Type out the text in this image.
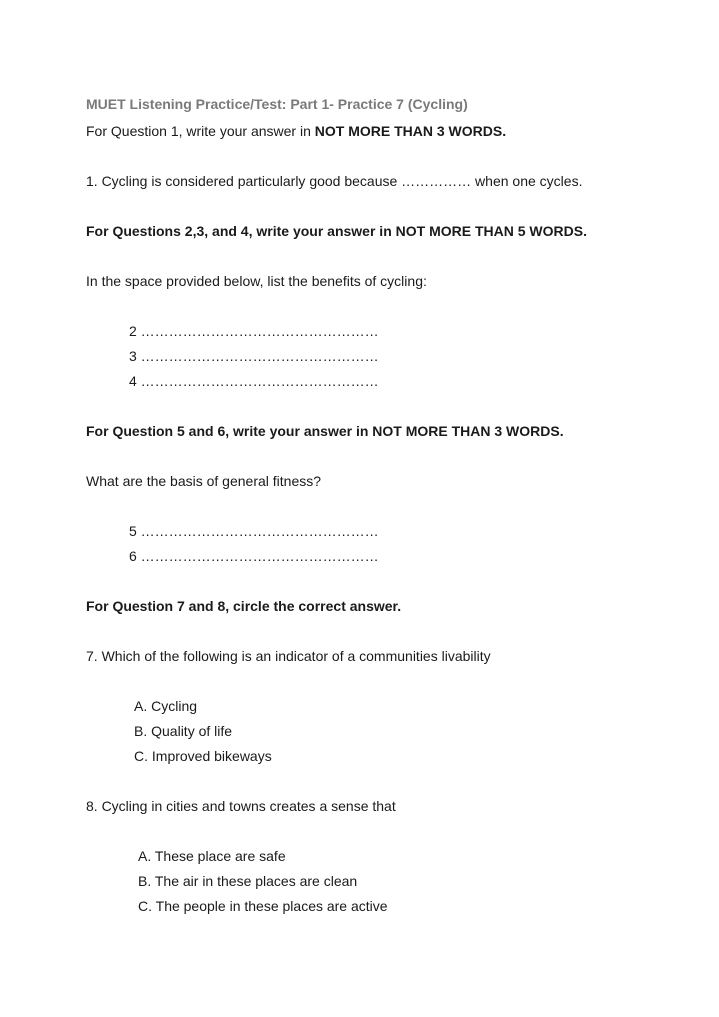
MUET Listening Practice/Test: Part 1- Practice 7 (Cycling)
For Question 1, write your answer in NOT MORE THAN 3 WORDS.
1. Cycling is considered particularly good because …………… when one cycles.
For Questions 2,3, and 4, write your answer in NOT MORE THAN 5 WORDS.
In the space provided below, list the benefits of cycling:
2 ……………………………………………
3 ……………………………………………
4 ……………………………………………
For Question 5 and 6, write your answer in NOT MORE THAN 3 WORDS.
What are the basis of general fitness?
5 ……………………………………………
6 ……………………………………………
For Question 7 and 8, circle the correct answer.
7. Which of the following is an indicator of a communities livability
A. Cycling
B. Quality of life
C. Improved bikeways
8. Cycling in cities and towns creates a sense that
A. These place are safe
B. The air in these places are clean
C. The people in these places are active
